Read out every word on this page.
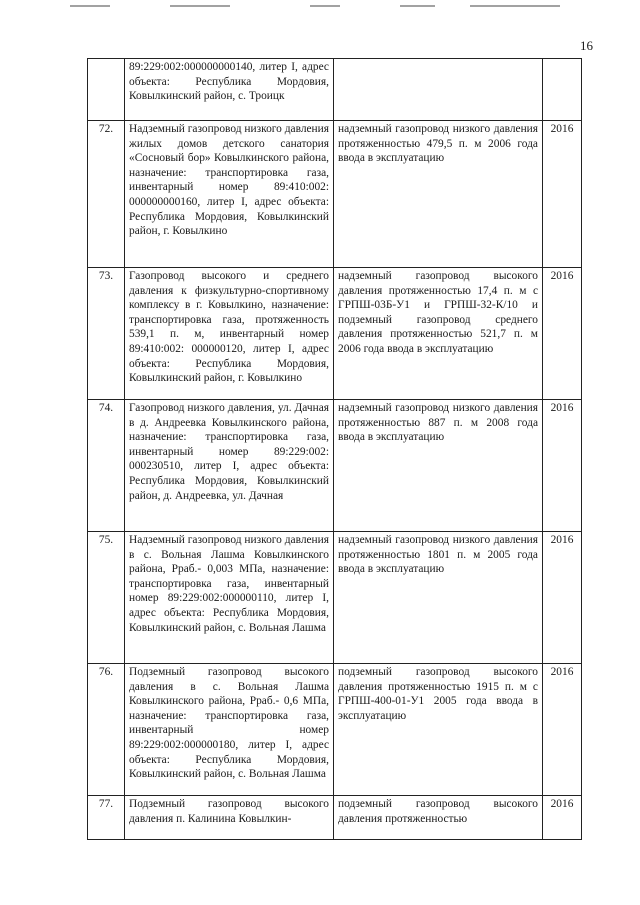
16
	89:229:002:000000000140, литер I, адрес объекта: Республика Мордовия, Ковылкинский район, с. Троицк		
72.	Надземный газопровод низкого давления жилых домов детского санатория «Сосновый бор» Ковылкинского района, назначение: транспортировка газа, инвентарный номер 89:410:002: 000000000160, литер I, адрес объекта: Республика Мордовия, Ковылкинский район, г. Ковылкино	надземный газопровод низкого давления протяженностью 479,5 п. м 2006 года ввода в эксплуатацию	2016
73.	Газопровод высокого и среднего давления к физкультурно-спортивному комплексу в г. Ковылкино, назначение: транспортировка газа, протяженность 539,1 п. м, инвентарный номер 89:410:002: 000000120, литер I, адрес объекта: Республика Мордовия, Ковылкинский район, г. Ковылкино	надземный газопровод высокого давления протяженностью 17,4 п. м с ГРПШ-03Б-У1 и ГРПШ-32-К/10 и подземный газопровод среднего давления протяженностью 521,7 п. м 2006 года ввода в эксплуатацию	2016
74.	Газопровод низкого давления, ул. Дачная в д. Андреевка Ковылкинского района, назначение: транспортировка газа, инвентарный номер 89:229:002: 000230510, литер I, адрес объекта: Республика Мордовия, Ковылкинский район, д. Андреевка, ул. Дачная	надземный газопровод низкого давления протяженностью 887 п. м 2008 года ввода в эксплуатацию	2016
75.	Надземный газопровод низкого давления в с. Вольная Лашма Ковылкинского района, Рраб.- 0,003 МПа, назначение: транспортировка газа, инвентарный номер 89:229:002:000000110, литер I, адрес объекта: Республика Мордовия, Ковылкинский район, с. Вольная Лашма	надземный газопровод низкого давления протяженностью 1801 п. м 2005 года ввода в эксплуатацию	2016
76.	Подземный газопровод высокого давления в с. Вольная Лашма Ковылкинского района, Рраб.- 0,6 МПа, назначение: транспортировка газа, инвентарный номер 89:229:002:000000180, литер I, адрес объекта: Республика Мордовия, Ковылкинский район, с. Вольная Лашма	подземный газопровод высокого давления протяженностью 1915 п. м с ГРПШ-400-01-У1 2005 года ввода в эксплуатацию	2016
77.	Подземный газопровод высокого давления п. Калинина Ковылкин-	подземный газопровод высокого давления протяженностью	2016
